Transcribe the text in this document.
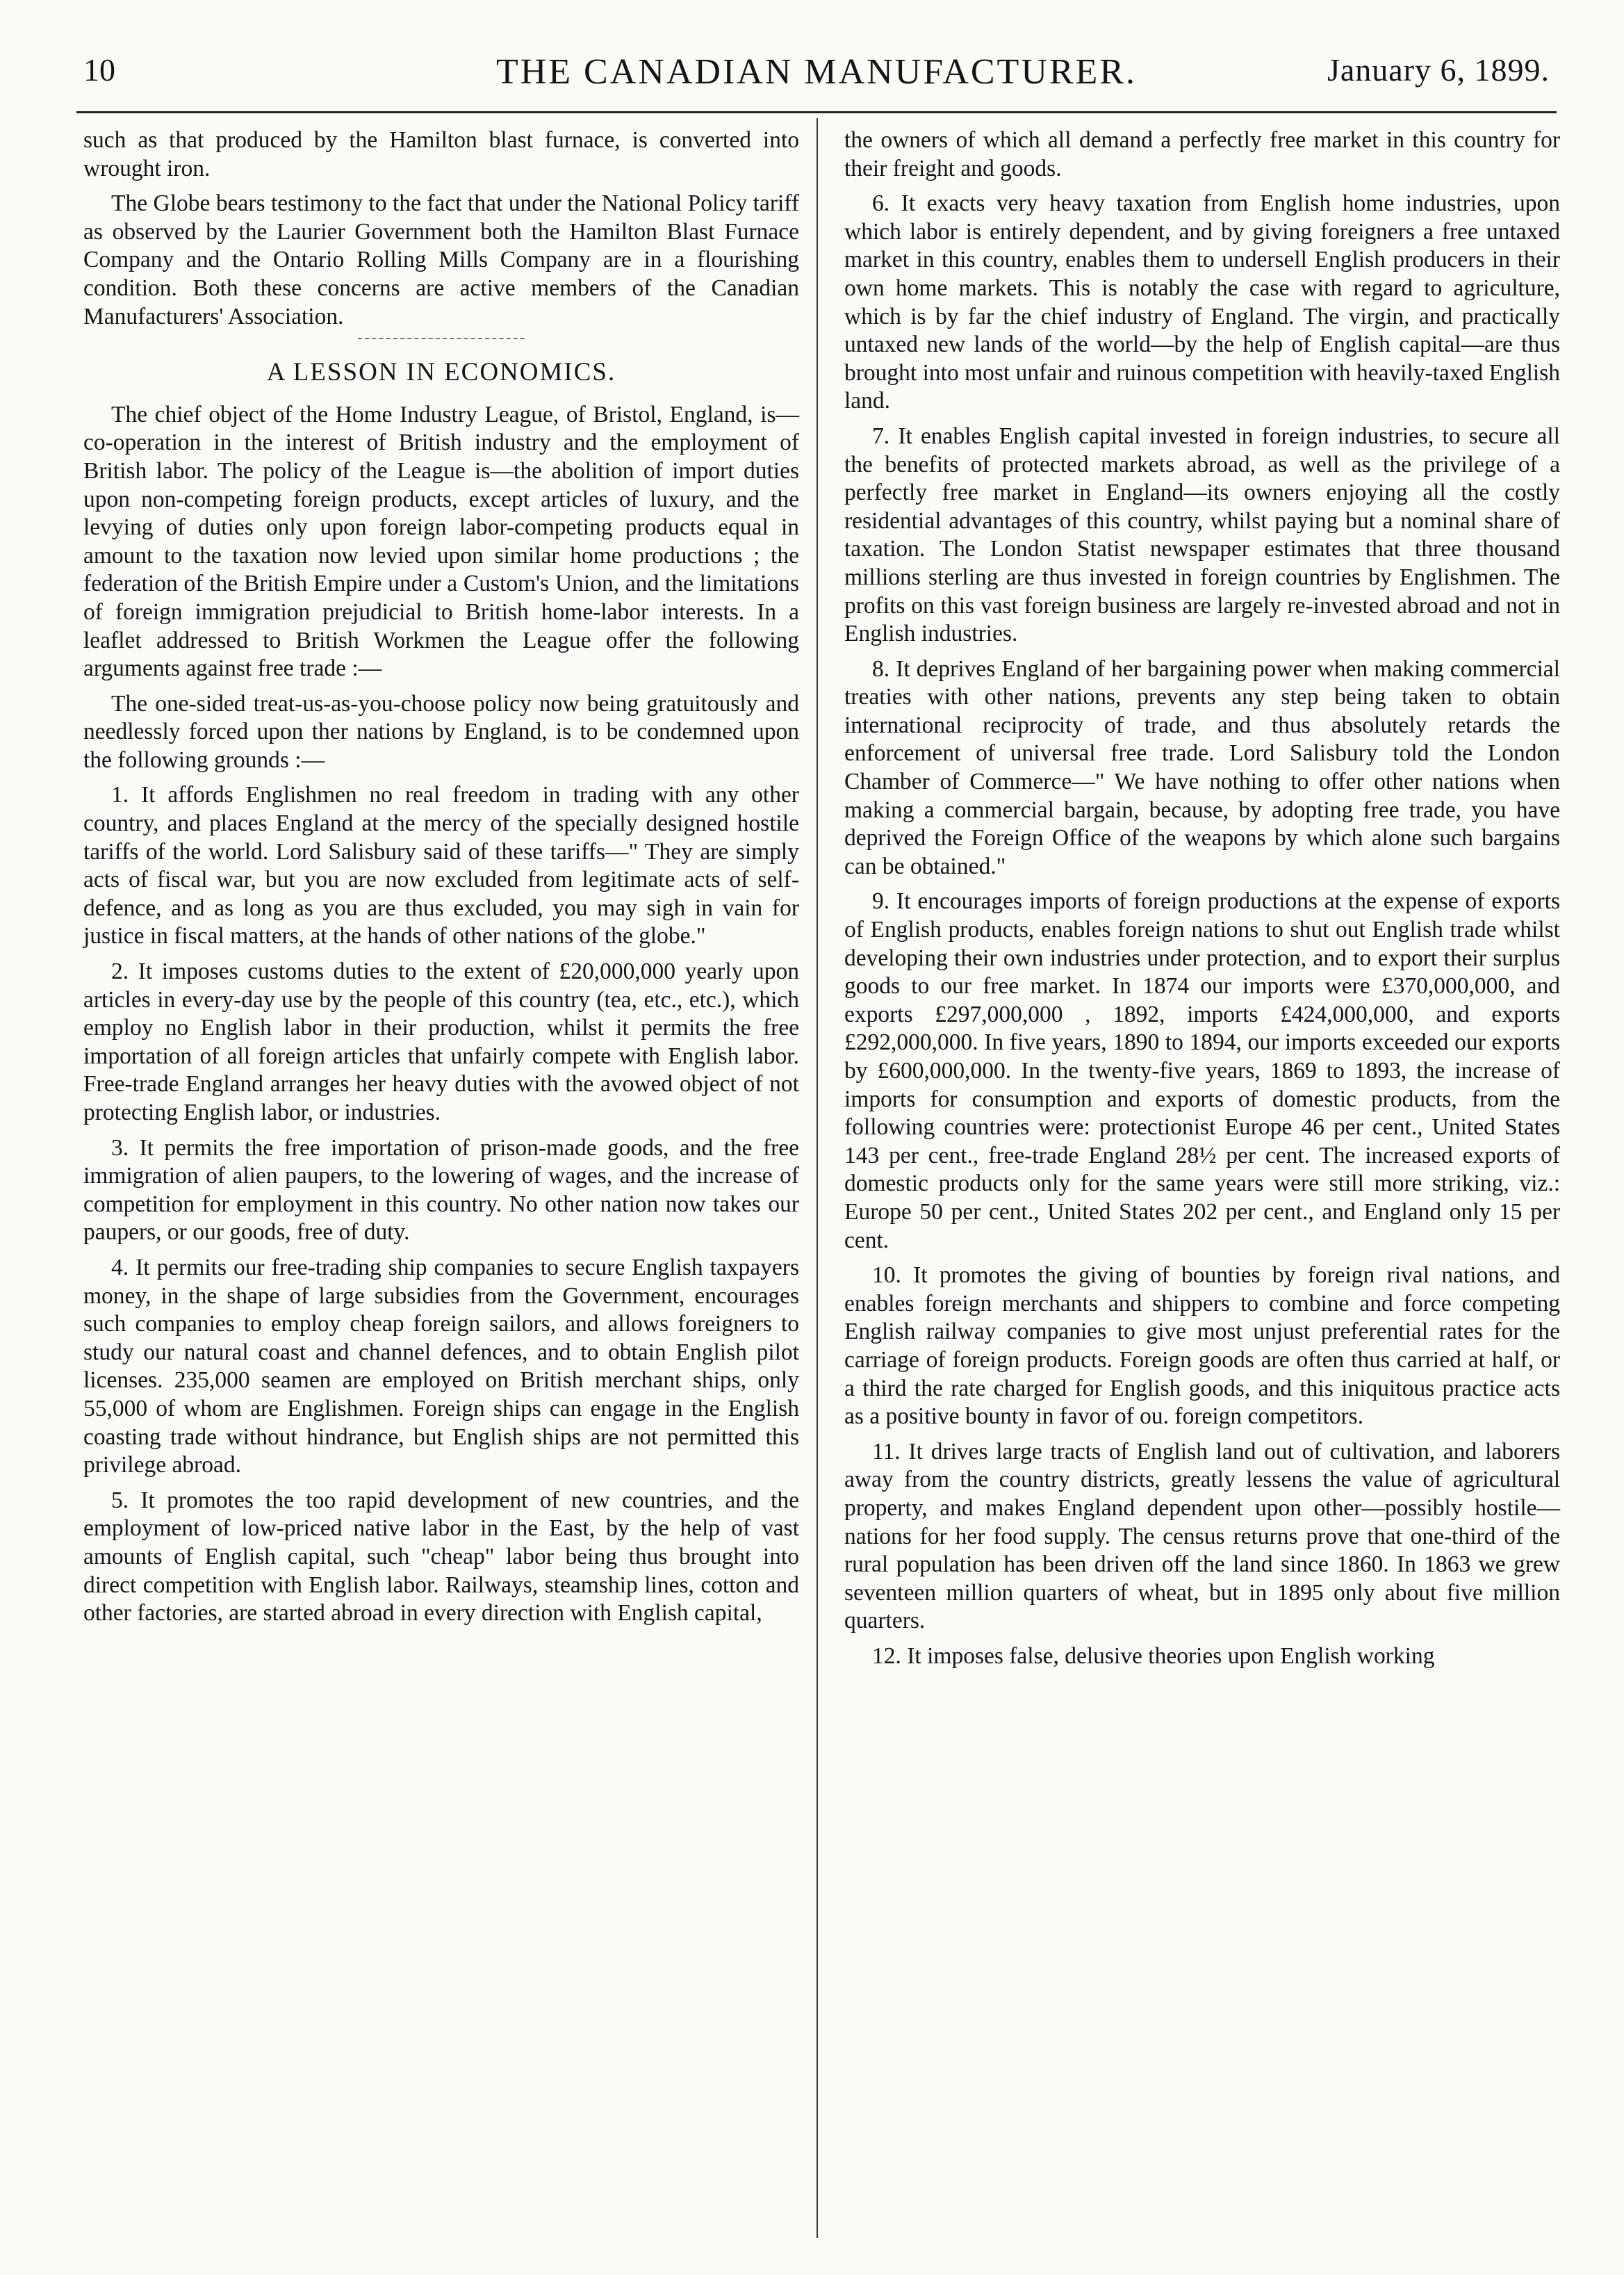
10	THE CANADIAN MANUFACTURER.	January 6, 1899.

such as that produced by the Hamilton blast furnace, is converted into wrought iron.

The Globe bears testimony to the fact that under the National Policy tariff as observed by the Laurier Government both the Hamilton Blast Furnace Company and the Ontario Rolling Mills Company are in a flourishing condition. Both these concerns are active members of the Canadian Manufacturers' Association.

A LESSON IN ECONOMICS.

The chief object of the Home Industry League, of Bristol, England, is—co-operation in the interest of British industry and the employment of British labor. The policy of the League is—the abolition of import duties upon non-competing foreign products, except articles of luxury, and the levying of duties only upon foreign labor-competing products equal in amount to the taxation now levied upon similar home productions ; the federation of the British Empire under a Custom's Union, and the limitations of foreign immigration prejudicial to British home-labor interests. In a leaflet addressed to British Workmen the League offer the following arguments against free trade :—

The one-sided treat-us-as-you-choose policy now being gratuitously and needlessly forced upon ther nations by England, is to be condemned upon the following grounds :—

1. It affords Englishmen no real freedom in trading with any other country, and places England at the mercy of the specially designed hostile tariffs of the world. Lord Salisbury said of these tariffs—" They are simply acts of fiscal war, but you are now excluded from legitimate acts of self-defence, and as long as you are thus excluded, you may sigh in vain for justice in fiscal matters, at the hands of other nations of the globe."

2. It imposes customs duties to the extent of £20,000,000 yearly upon articles in every-day use by the people of this country (tea, etc., etc.), which employ no English labor in their production, whilst it permits the free importation of all foreign articles that unfairly compete with English labor. Free-trade England arranges her heavy duties with the avowed object of not protecting English labor, or industries.

3. It permits the free importation of prison-made goods, and the free immigration of alien paupers, to the lowering of wages, and the increase of competition for employment in this country. No other nation now takes our paupers, or our goods, free of duty.

4. It permits our free-trading ship companies to secure English taxpayers money, in the shape of large subsidies from the Government, encourages such companies to employ cheap foreign sailors, and allows foreigners to study our natural coast and channel defences, and to obtain English pilot licenses. 235,000 seamen are employed on British merchant ships, only 55,000 of whom are Englishmen. Foreign ships can engage in the English coasting trade without hindrance, but English ships are not permitted this privilege abroad.

5. It promotes the too rapid development of new countries, and the employment of low-priced native labor in the East, by the help of vast amounts of English capital, such "cheap" labor being thus brought into direct competition with English labor. Railways, steamship lines, cotton and other factories, are started abroad in every direction with English capital,

the owners of which all demand a perfectly free market in this country for their freight and goods.

6. It exacts very heavy taxation from English home industries, upon which labor is entirely dependent, and by giving foreigners a free untaxed market in this country, enables them to undersell English producers in their own home markets. This is notably the case with regard to agriculture, which is by far the chief industry of England. The virgin, and practically untaxed new lands of the world—by the help of English capital—are thus brought into most unfair and ruinous competition with heavily-taxed English land.

7. It enables English capital invested in foreign industries, to secure all the benefits of protected markets abroad, as well as the privilege of a perfectly free market in England—its owners enjoying all the costly residential advantages of this country, whilst paying but a nominal share of taxation. The London Statist newspaper estimates that three thousand millions sterling are thus invested in foreign countries by Englishmen. The profits on this vast foreign business are largely re-invested abroad and not in English industries.

8. It deprives England of her bargaining power when making commercial treaties with other nations, prevents any step being taken to obtain international reciprocity of trade, and thus absolutely retards the enforcement of universal free trade. Lord Salisbury told the London Chamber of Commerce—" We have nothing to offer other nations when making a commercial bargain, because, by adopting free trade, you have deprived the Foreign Office of the weapons by which alone such bargains can be obtained."

9. It encourages imports of foreign productions at the expense of exports of English products, enables foreign nations to shut out English trade whilst developing their own industries under protection, and to export their surplus goods to our free market. In 1874 our imports were £370,000,000, and exports £297,000,000 , 1892, imports £424,000,000, and exports £292,000,000. In five years, 1890 to 1894, our imports exceeded our exports by £600,000,000. In the twenty-five years, 1869 to 1893, the increase of imports for consumption and exports of domestic products, from the following countries were: protectionist Europe 46 per cent., United States 143 per cent., free-trade England 28½ per cent. The increased exports of domestic products only for the same years were still more striking, viz.: Europe 50 per cent., United States 202 per cent., and England only 15 per cent.

10. It promotes the giving of bounties by foreign rival nations, and enables foreign merchants and shippers to combine and force competing English railway companies to give most unjust preferential rates for the carriage of foreign products. Foreign goods are often thus carried at half, or a third the rate charged for English goods, and this iniquitous practice acts as a positive bounty in favor of ou. foreign competitors.

11. It drives large tracts of English land out of cultivation, and laborers away from the country districts, greatly lessens the value of agricultural property, and makes England dependent upon other—possibly hostile—nations for her food supply. The census returns prove that one-third of the rural population has been driven off the land since 1860. In 1863 we grew seventeen million quarters of wheat, but in 1895 only about five million quarters.

12. It imposes false, delusive theories upon English working
